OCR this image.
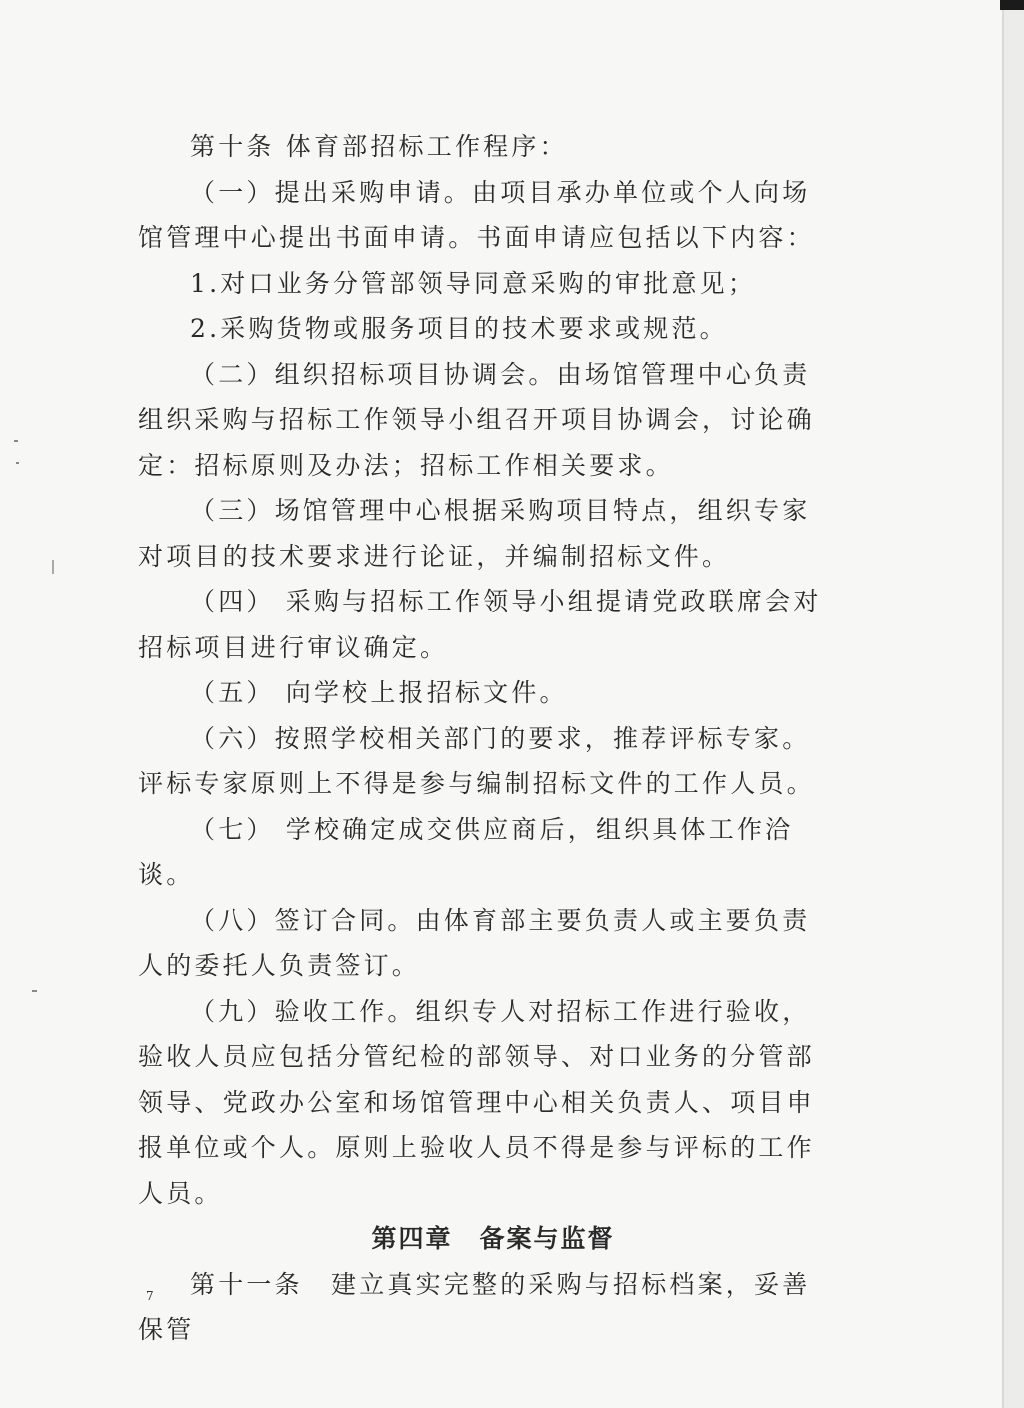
第十条 体育部招标工作程序：

（一）提出采购申请。由项目承办单位或个人向场馆管理中心提出书面申请。书面申请应包括以下内容：

1.对口业务分管部领导同意采购的审批意见；

2.采购货物或服务项目的技术要求或规范。

（二）组织招标项目协调会。由场馆管理中心负责组织采购与招标工作领导小组召开项目协调会，讨论确定：招标原则及办法；招标工作相关要求。

（三）场馆管理中心根据采购项目特点，组织专家对项目的技术要求进行论证，并编制招标文件。

（四） 采购与招标工作领导小组提请党政联席会对招标项目进行审议确定。

（五） 向学校上报招标文件。

（六）按照学校相关部门的要求，推荐评标专家。评标专家原则上不得是参与编制招标文件的工作人员。

（七） 学校确定成交供应商后，组织具体工作洽谈。

（八）签订合同。由体育部主要负责人或主要负责人的委托人负责签订。

（九）验收工作。组织专人对招标工作进行验收，验收人员应包括分管纪检的部领导、对口业务的分管部领导、党政办公室和场馆管理中心相关负责人、项目申报单位或个人。原则上验收人员不得是参与评标的工作人员。

第四章　备案与监督

第十一条　建立真实完整的采购与招标档案，妥善保管

7
